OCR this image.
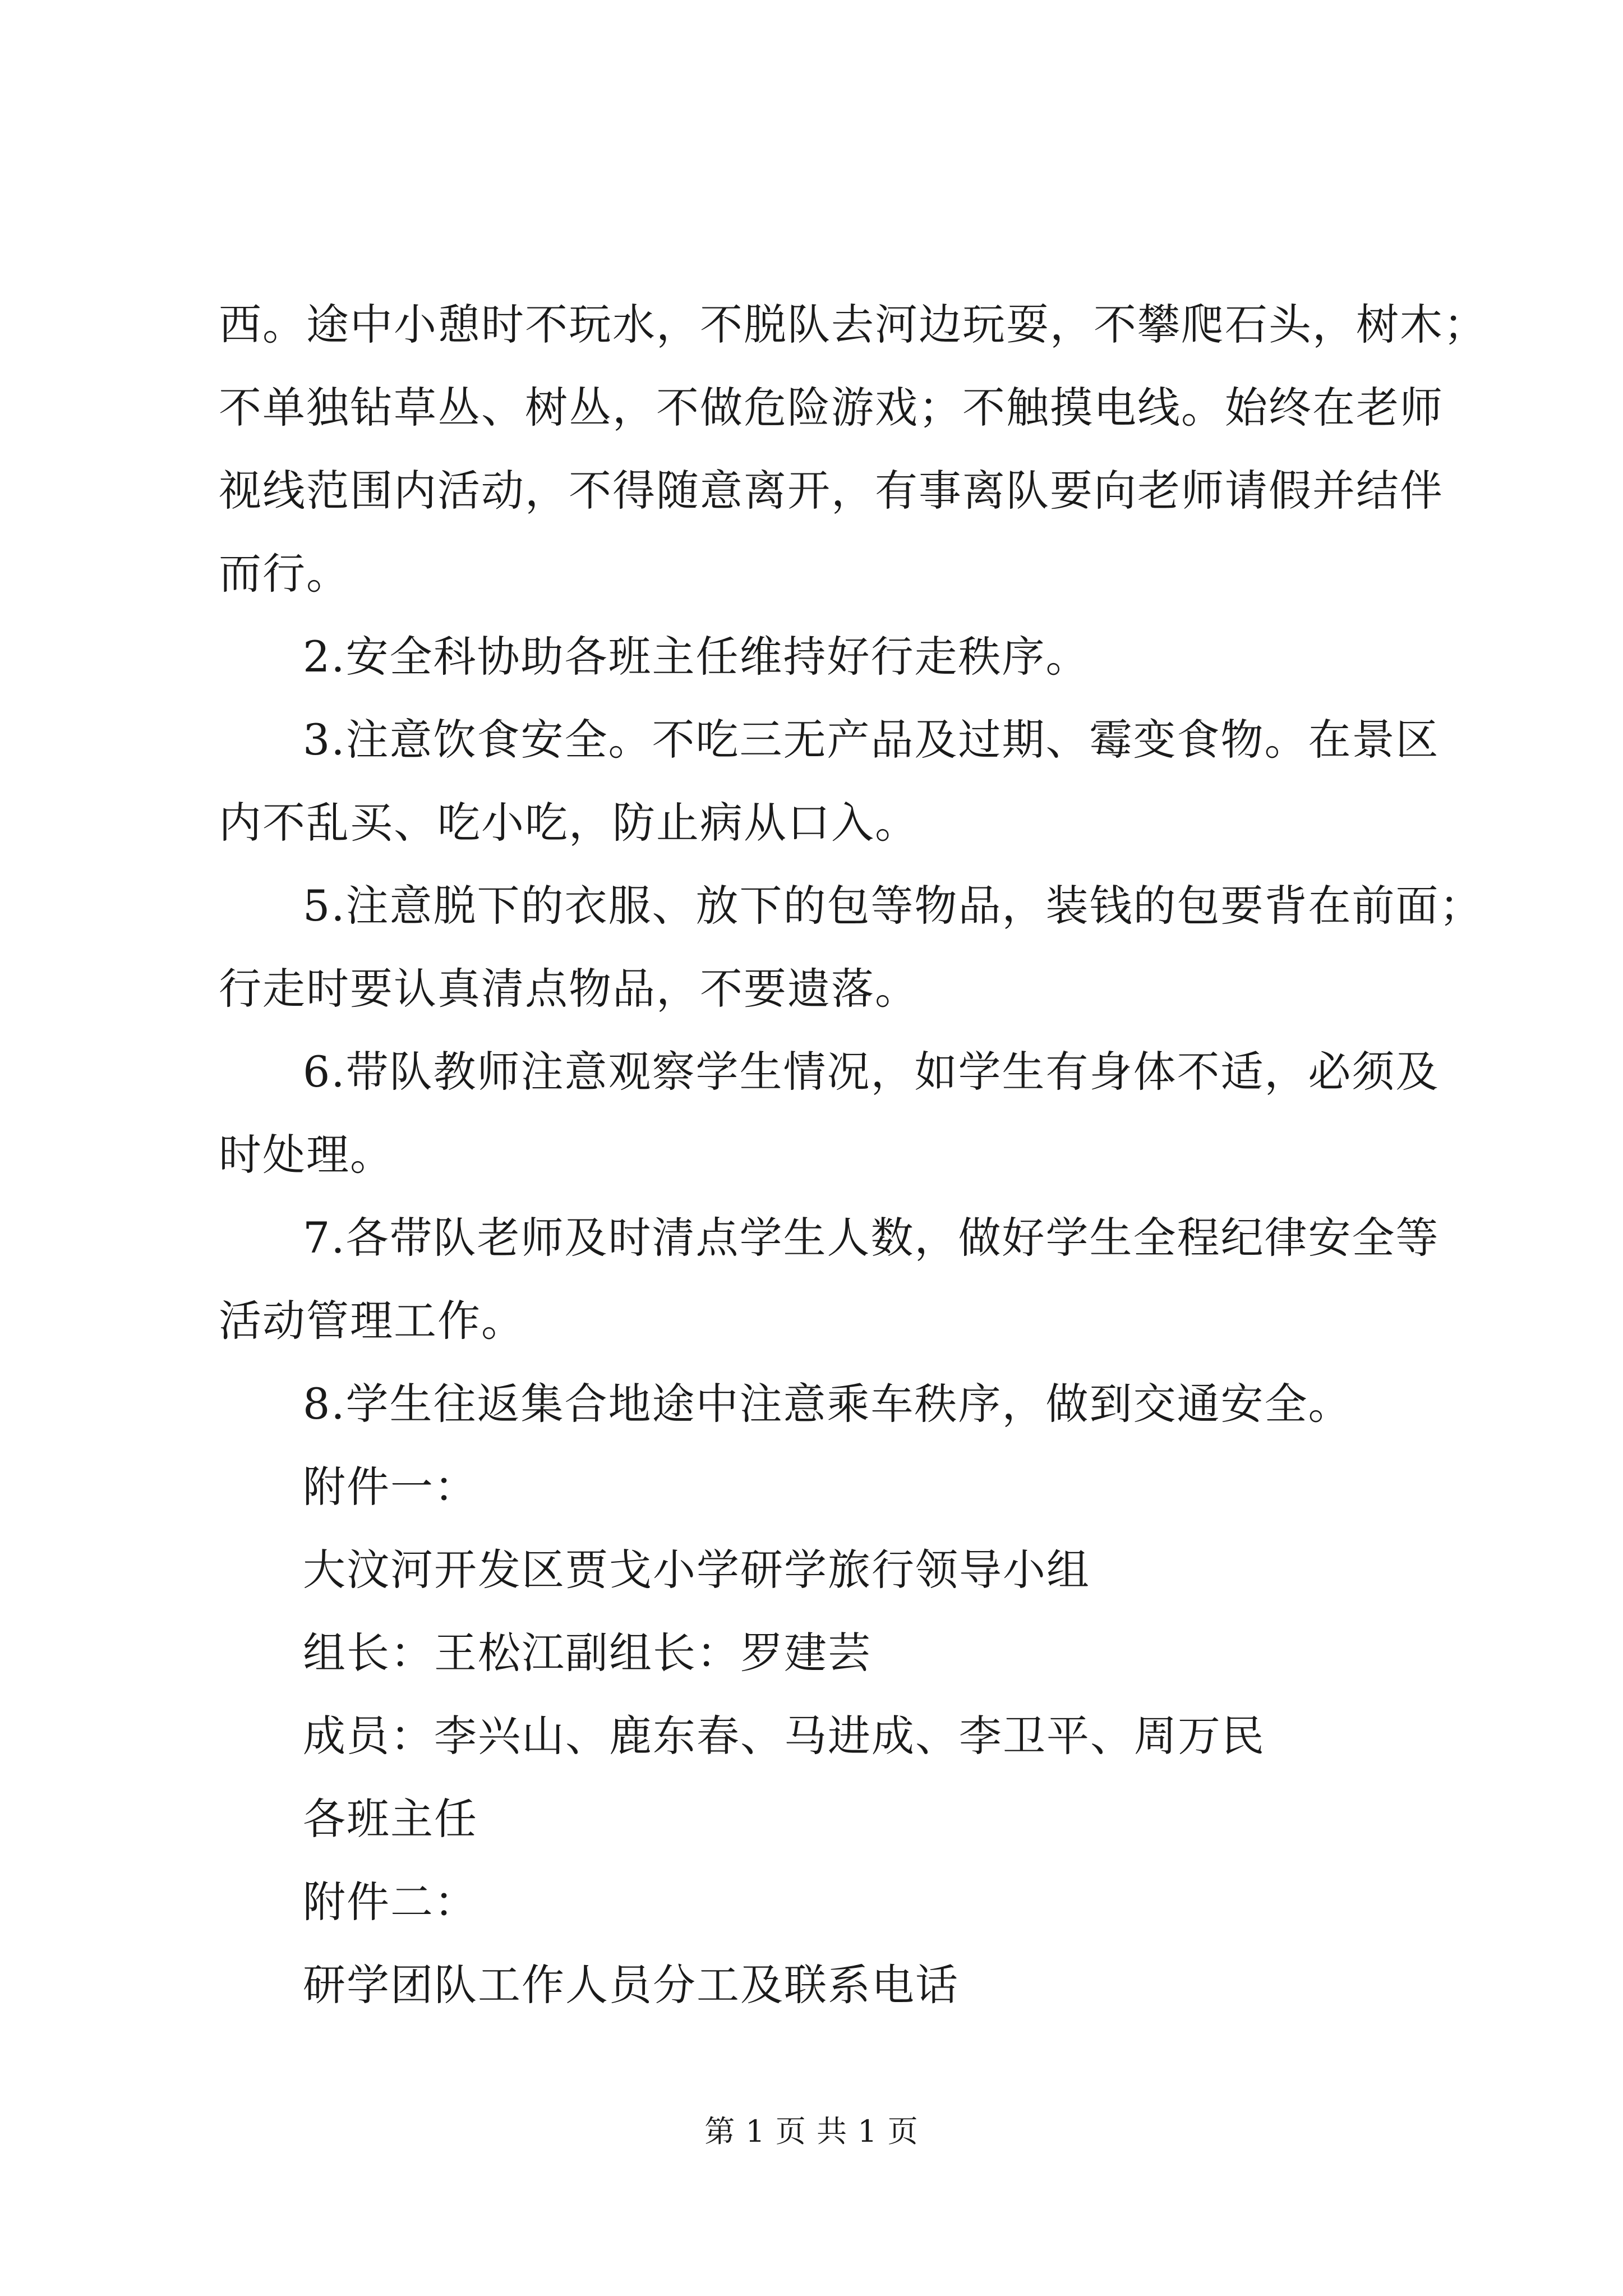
西。途中小憩时不玩水，不脱队去河边玩耍，不攀爬石头，树木；
不单独钻草丛、树丛，不做危险游戏；不触摸电线。始终在老师
视线范围内活动，不得随意离开，有事离队要向老师请假并结伴
而行。
2.安全科协助各班主任维持好行走秩序。
3.注意饮食安全。不吃三无产品及过期、霉变食物。在景区
内不乱买、吃小吃，防止病从口入。
5.注意脱下的衣服、放下的包等物品，装钱的包要背在前面；
行走时要认真清点物品，不要遗落。
6.带队教师注意观察学生情况，如学生有身体不适，必须及
时处理。
7.各带队老师及时清点学生人数，做好学生全程纪律安全等
活动管理工作。
8.学生往返集合地途中注意乘车秩序，做到交通安全。
附件一：
大汶河开发区贾戈小学研学旅行领导小组
组长：王松江副组长：罗建芸
成员：李兴山、鹿东春、马进成、李卫平、周万民
各班主任
附件二：
研学团队工作人员分工及联系电话
第 1 页 共 1 页
